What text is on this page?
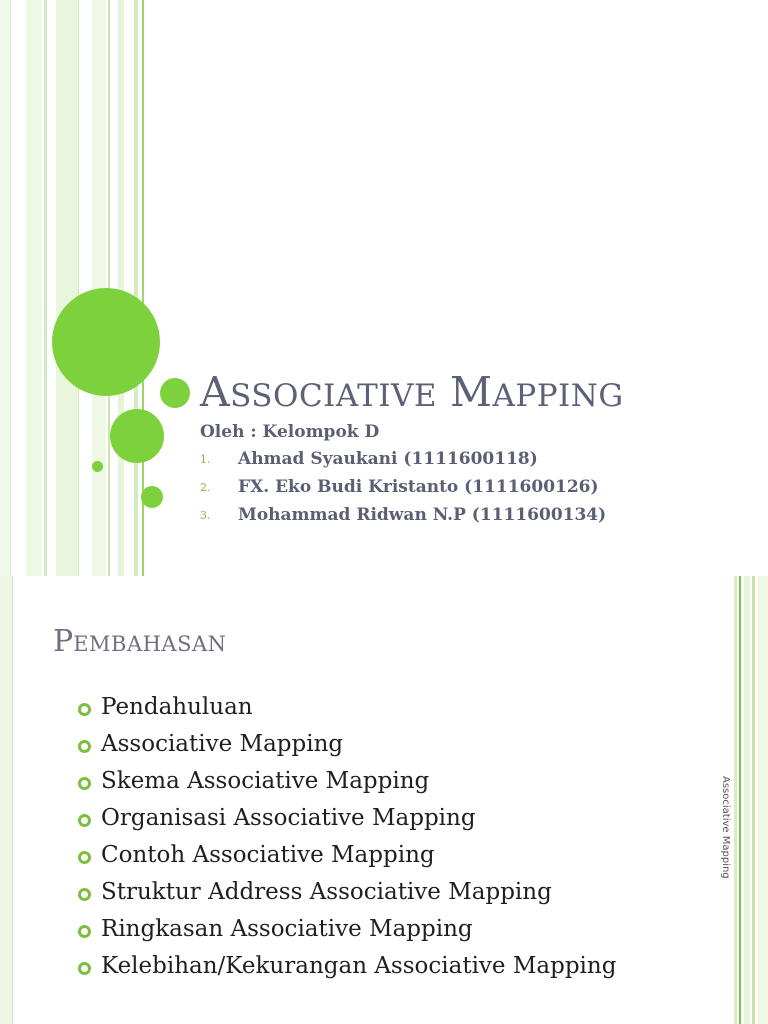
ASSOCIATIVE MAPPING
Oleh : Kelompok D
1. Ahmad Syaukani (1111600118)
2. FX. Eko Budi Kristanto (1111600126)
3. Mohammad Ridwan N.P (1111600134)
PEMBAHASAN
Pendahuluan
Associative Mapping
Skema Associative Mapping
Organisasi Associative Mapping
Contoh Associative Mapping
Struktur Address Associative Mapping
Ringkasan Associative Mapping
Kelebihan/Kekurangan Associative Mapping
Associative Mapping
